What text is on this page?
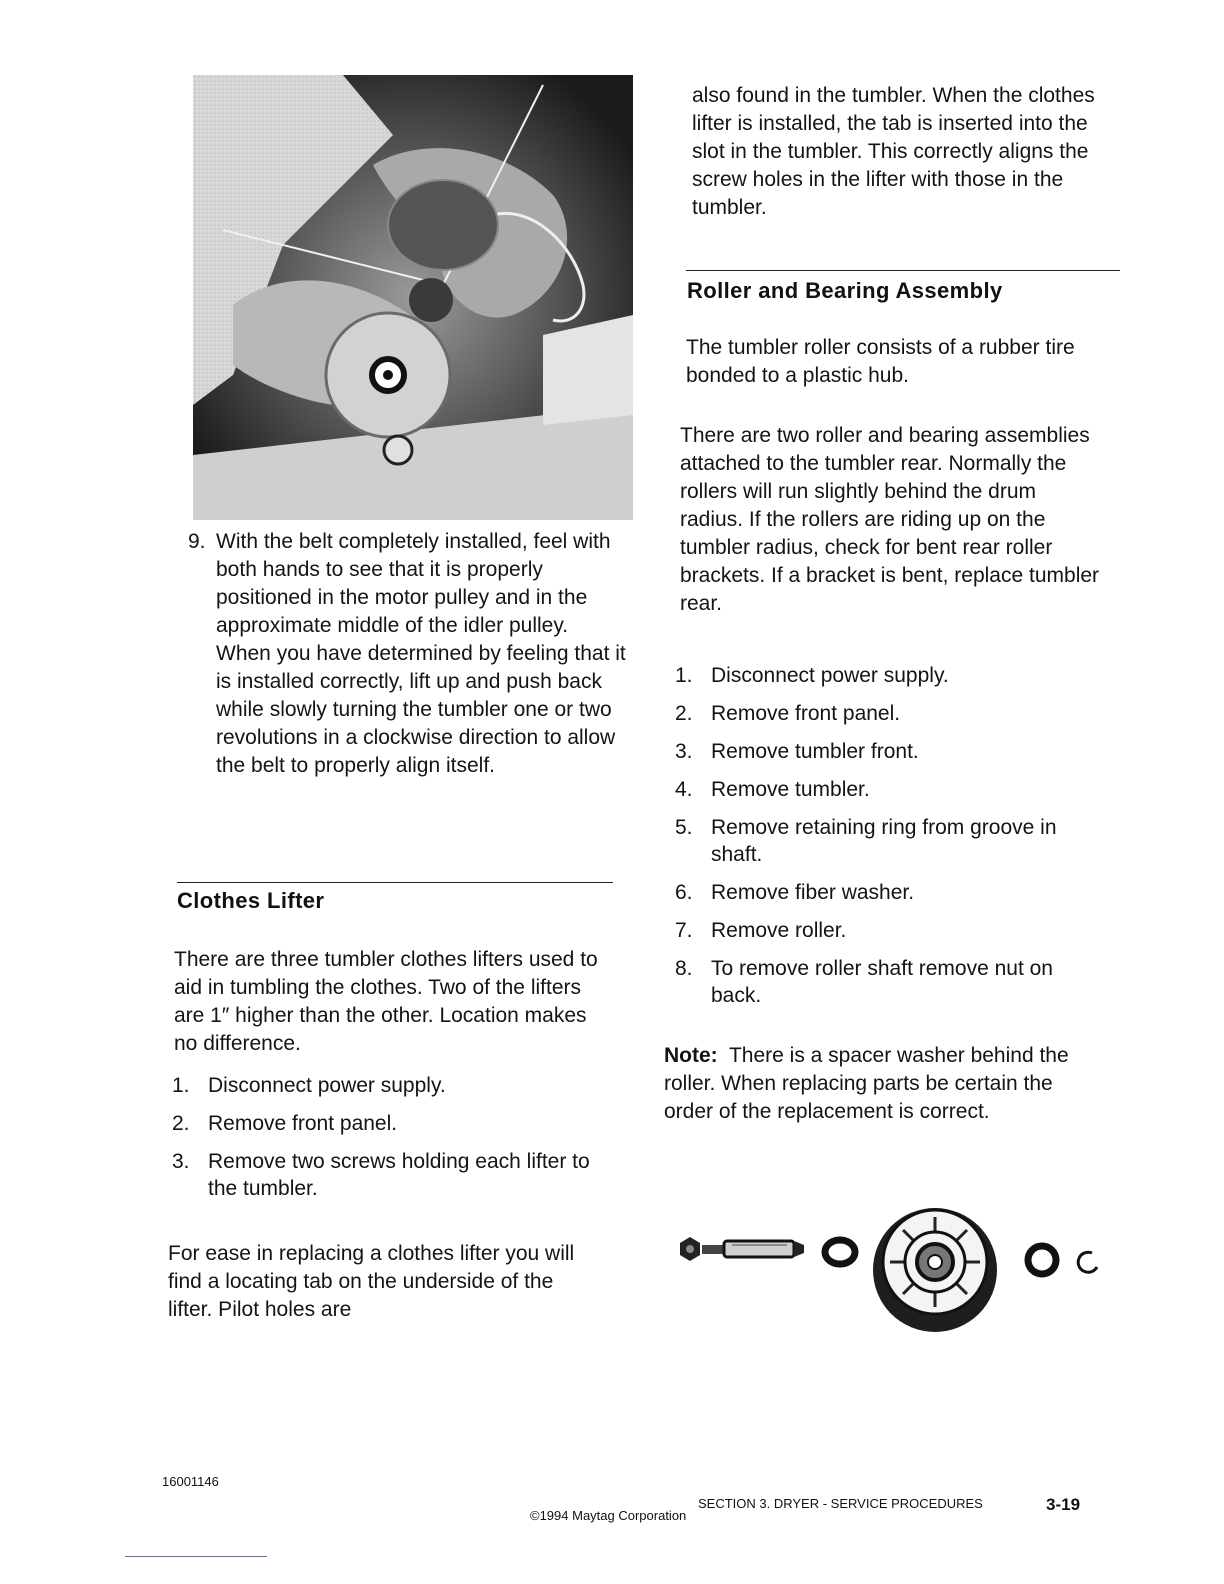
9. With the belt completely installed, feel with both hands to see that it is properly positioned in the motor pulley and in the approximate middle of the idler pulley. When you have determined by feeling that it is installed correctly, lift up and push back while slowly turning the tumbler one or two revolutions in a clockwise direction to allow the belt to properly align itself.
Clothes Lifter
There are three tumbler clothes lifters used to aid in tumbling the clothes. Two of the lifters are 1″ higher than the other. Location makes no difference.
1. Disconnect power supply.
2. Remove front panel.
3. Remove two screws holding each lifter to the tumbler.
For ease in replacing a clothes lifter you will find a locating tab on the underside of the lifter. Pilot holes are
also found in the tumbler. When the clothes lifter is installed, the tab is inserted into the slot in the tumbler. This correctly aligns the screw holes in the lifter with those in the tumbler.
Roller and Bearing Assembly
The tumbler roller consists of a rubber tire bonded to a plastic hub.
There are two roller and bearing assemblies attached to the tumbler rear. Normally the rollers will run slightly behind the drum radius. If the rollers are riding up on the tumbler radius, check for bent rear roller brackets. If a bracket is bent, replace tumbler rear.
1. Disconnect power supply.
2. Remove front panel.
3. Remove tumbler front.
4. Remove tumbler.
5. Remove retaining ring from groove in shaft.
6. Remove fiber washer.
7. Remove roller.
8. To remove roller shaft remove nut on back.
Note: There is a spacer washer behind the roller. When replacing parts be certain the order of the replacement is correct.
16001146
©1994 Maytag Corporation
SECTION 3. DRYER - SERVICE PROCEDURES	3-19
